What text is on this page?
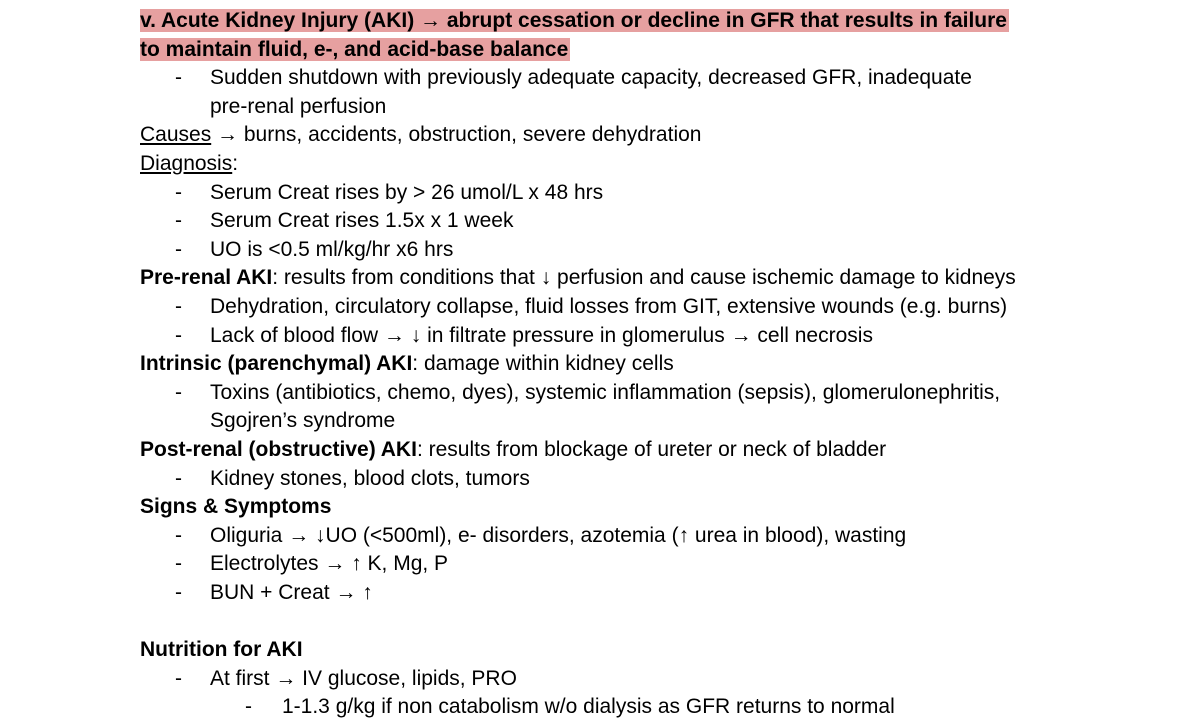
v. Acute Kidney Injury (AKI) → abrupt cessation or decline in GFR that results in failure
to maintain fluid, e-, and acid-base balance
- Sudden shutdown with previously adequate capacity, decreased GFR, inadequate
pre-renal perfusion
Causes → burns, accidents, obstruction, severe dehydration
Diagnosis:
- Serum Creat rises by > 26 umol/L x 48 hrs
- Serum Creat rises 1.5x x 1 week
- UO is <0.5 ml/kg/hr x6 hrs
Pre-renal AKI: results from conditions that ↓ perfusion and cause ischemic damage to kidneys
- Dehydration, circulatory collapse, fluid losses from GIT, extensive wounds (e.g. burns)
- Lack of blood flow → ↓ in filtrate pressure in glomerulus → cell necrosis
Intrinsic (parenchymal) AKI: damage within kidney cells
- Toxins (antibiotics, chemo, dyes), systemic inflammation (sepsis), glomerulonephritis,
Sgojren’s syndrome
Post-renal (obstructive) AKI: results from blockage of ureter or neck of bladder
- Kidney stones, blood clots, tumors
Signs & Symptoms
- Oliguria → ↓UO (<500ml), e- disorders, azotemia (↑ urea in blood), wasting
- Electrolytes → ↑ K, Mg, P
- BUN + Creat → ↑
Nutrition for AKI
- At first → IV glucose, lipids, PRO
- 1-1.3 g/kg if non catabolism w/o dialysis as GFR returns to normal
